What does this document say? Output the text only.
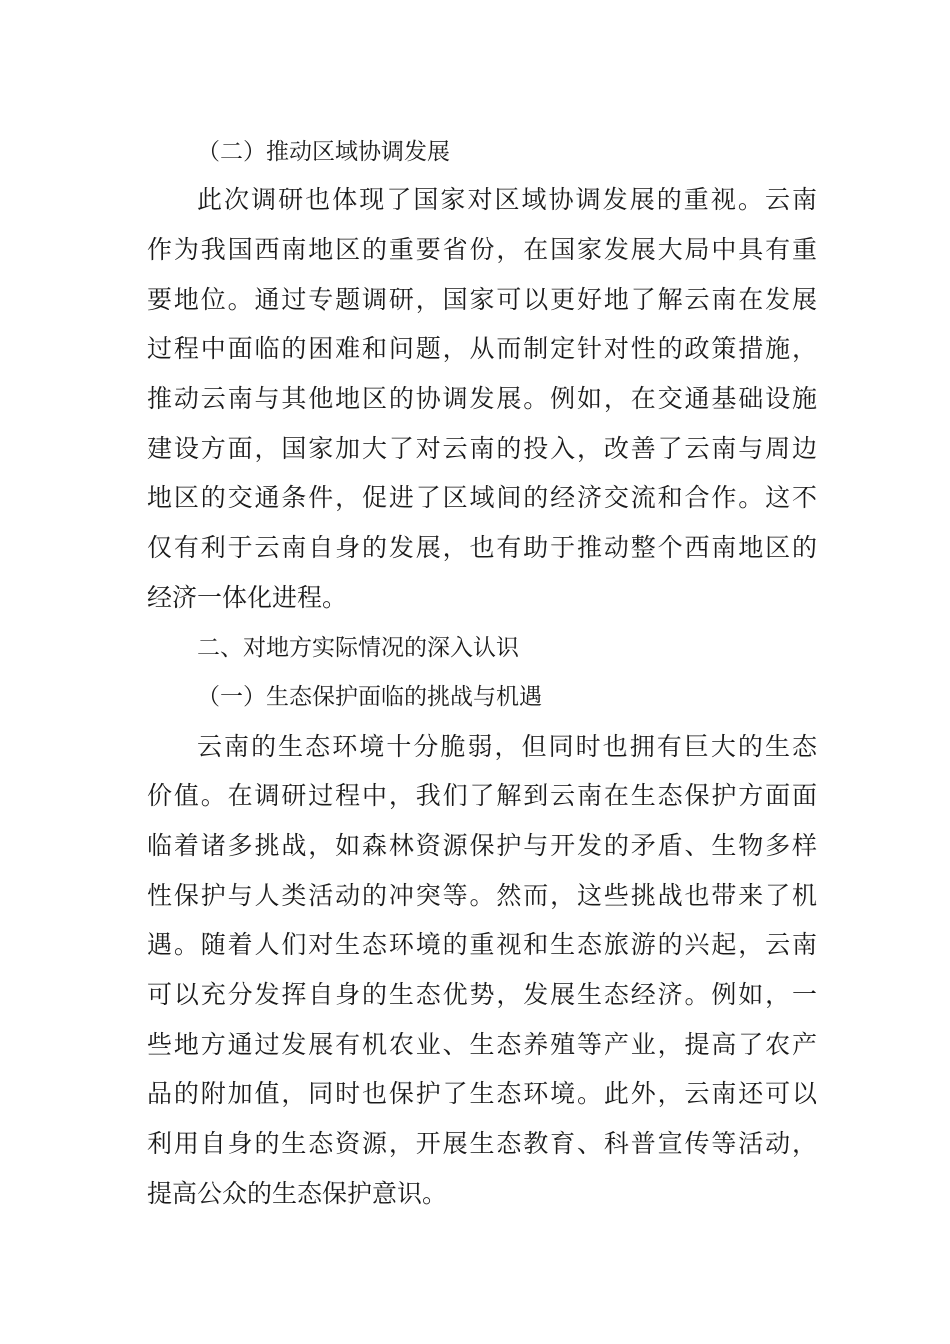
（二）推动区域协调发展
此次调研也体现了国家对区域协调发展的重视。云南
作为我国西南地区的重要省份，在国家发展大局中具有重
要地位。通过专题调研，国家可以更好地了解云南在发展
过程中面临的困难和问题，从而制定针对性的政策措施，
推动云南与其他地区的协调发展。例如，在交通基础设施
建设方面，国家加大了对云南的投入，改善了云南与周边
地区的交通条件，促进了区域间的经济交流和合作。这不
仅有利于云南自身的发展，也有助于推动整个西南地区的
经济一体化进程。
二、对地方实际情况的深入认识
（一）生态保护面临的挑战与机遇
云南的生态环境十分脆弱，但同时也拥有巨大的生态
价值。在调研过程中，我们了解到云南在生态保护方面面
临着诸多挑战，如森林资源保护与开发的矛盾、生物多样
性保护与人类活动的冲突等。然而，这些挑战也带来了机
遇。随着人们对生态环境的重视和生态旅游的兴起，云南
可以充分发挥自身的生态优势，发展生态经济。例如，一
些地方通过发展有机农业、生态养殖等产业，提高了农产
品的附加值，同时也保护了生态环境。此外，云南还可以
利用自身的生态资源，开展生态教育、科普宣传等活动，
提高公众的生态保护意识。
